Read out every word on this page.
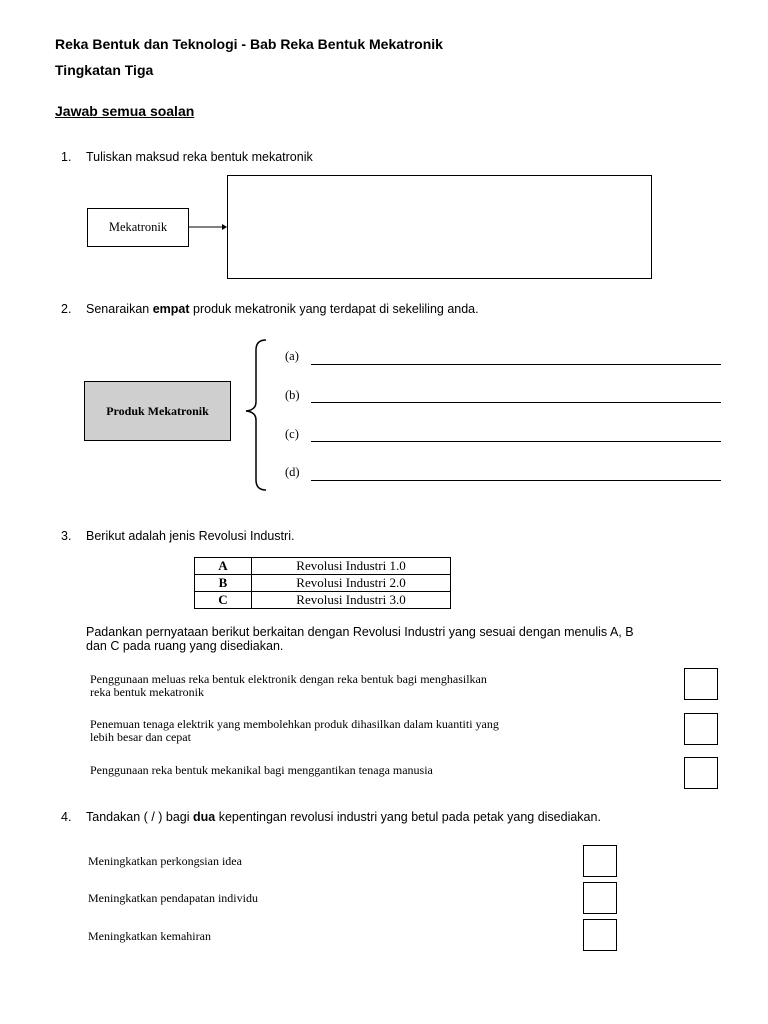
Reka Bentuk dan Teknologi - Bab Reka Bentuk Mekatronik
Tingkatan Tiga
Jawab semua soalan
1. Tuliskan maksud reka bentuk mekatronik
Mekatronik
2. Senaraikan empat produk mekatronik yang terdapat di sekeliling anda.
Produk Mekatronik
(a)
(b)
(c)
(d)
3. Berikut adalah jenis Revolusi Industri.
A	Revolusi Industri 1.0
B	Revolusi Industri 2.0
C	Revolusi Industri 3.0
Padankan pernyataan berikut berkaitan dengan Revolusi Industri yang sesuai dengan menulis A, B
dan C pada ruang yang disediakan.
Penggunaan meluas reka bentuk elektronik dengan reka bentuk bagi menghasilkan
reka bentuk mekatronik
Penemuan tenaga elektrik yang membolehkan produk dihasilkan dalam kuantiti yang
lebih besar dan cepat
Penggunaan reka bentuk mekanikal bagi menggantikan tenaga manusia
4. Tandakan ( / ) bagi dua kepentingan revolusi industri yang betul pada petak yang disediakan.
Meningkatkan perkongsian idea
Meningkatkan pendapatan individu
Meningkatkan kemahiran
